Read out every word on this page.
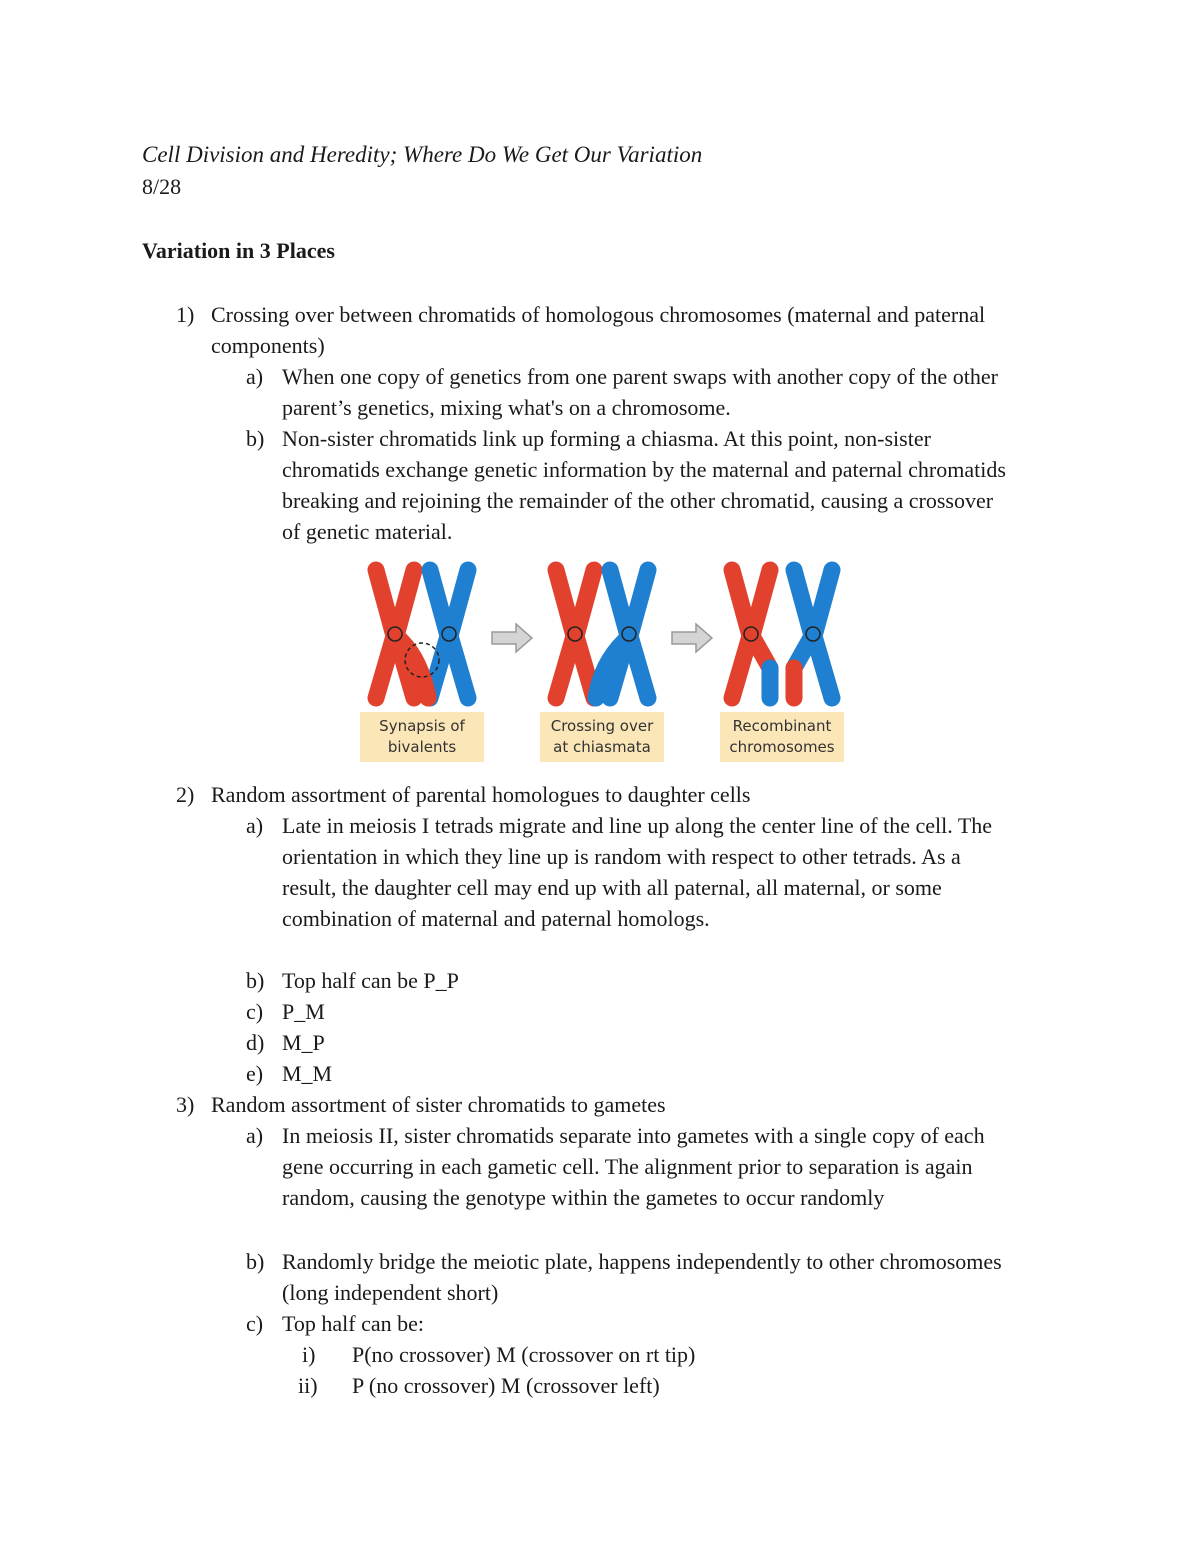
Cell Division and Heredity; Where Do We Get Our Variation
8/28
Variation in 3 Places
1) Crossing over between chromatids of homologous chromosomes (maternal and paternal
components)
a) When one copy of genetics from one parent swaps with another copy of the other
parent’s genetics, mixing what's on a chromosome.
b) Non-sister chromatids link up forming a chiasma. At this point, non-sister
chromatids exchange genetic information by the maternal and paternal chromatids
breaking and rejoining the remainder of the other chromatid, causing a crossover
of genetic material.
Synapsis of
bivalents
Crossing over
at chiasmata
Recombinant
chromosomes
2) Random assortment of parental homologues to daughter cells
a) Late in meiosis I tetrads migrate and line up along the center line of the cell. The
orientation in which they line up is random with respect to other tetrads. As a
result, the daughter cell may end up with all paternal, all maternal, or some
combination of maternal and paternal homologs.
b) Top half can be P_P
c) P_M
d) M_P
e) M_M
3) Random assortment of sister chromatids to gametes
a) In meiosis II, sister chromatids separate into gametes with a single copy of each
gene occurring in each gametic cell. The alignment prior to separation is again
random, causing the genotype within the gametes to occur randomly
b) Randomly bridge the meiotic plate, happens independently to other chromosomes
(long independent short)
c) Top half can be:
i) P(no crossover) M (crossover on rt tip)
ii) P (no crossover) M (crossover left)
